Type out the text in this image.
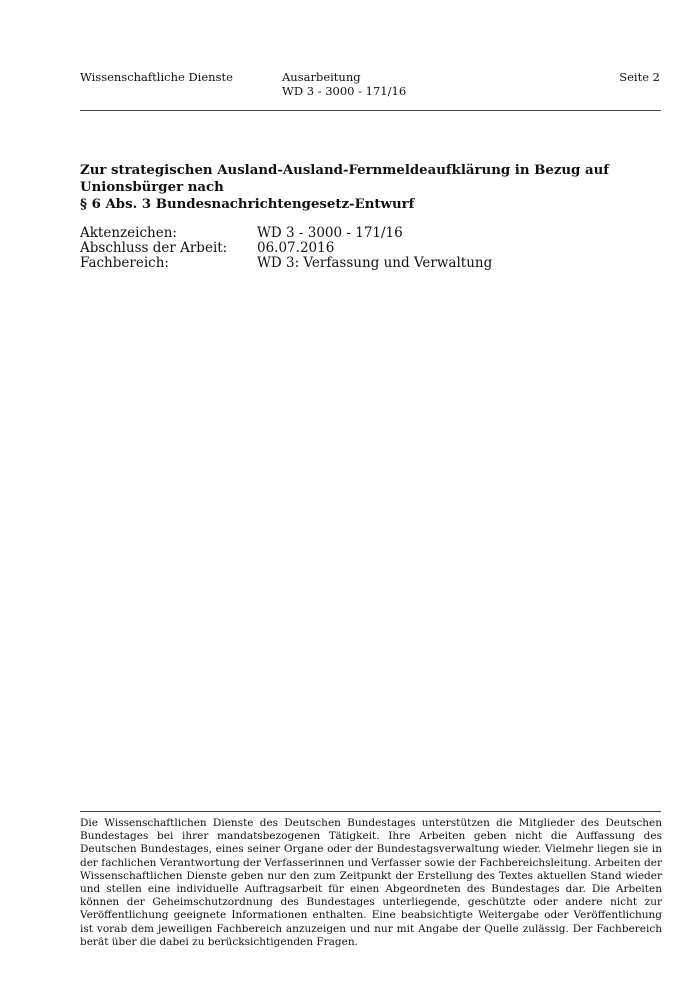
Wissenschaftliche Dienste	Ausarbeitung
WD 3 - 3000 - 171/16
Seite 2
Zur strategischen Ausland-Ausland-Fernmeldeaufklärung in Bezug auf Unionsbürger nach
§ 6 Abs. 3 Bundesnachrichtengesetz-Entwurf
Aktenzeichen:	WD 3 - 3000 - 171/16
Abschluss der Arbeit:	06.07.2016
Fachbereich:	WD 3: Verfassung und Verwaltung
Die Wissenschaftlichen Dienste des Deutschen Bundestages unterstützen die Mitglieder des Deutschen Bundestages bei ihrer mandatsbezogenen Tätigkeit. Ihre Arbeiten geben nicht die Auffassung des Deutschen Bundestages, eines seiner Organe oder der Bundestagsverwaltung wieder. Vielmehr liegen sie in der fachlichen Verantwortung der Verfasserinnen und Verfasser sowie der Fachbereichsleitung. Arbeiten der Wissenschaftlichen Dienste geben nur den zum Zeitpunkt der Erstellung des Textes aktuellen Stand wieder und stellen eine individuelle Auftragsarbeit für einen Abgeordneten des Bundestages dar. Die Arbeiten können der Geheimschutzordnung des Bundestages unterliegende, geschützte oder andere nicht zur Veröffentlichung geeignete Informationen enthalten. Eine beabsichtigte Weitergabe oder Veröffentlichung ist vorab dem jeweiligen Fachbereich anzuzeigen und nur mit Angabe der Quelle zulässig. Der Fachbereich berät über die dabei zu berücksichtigenden Fragen.
